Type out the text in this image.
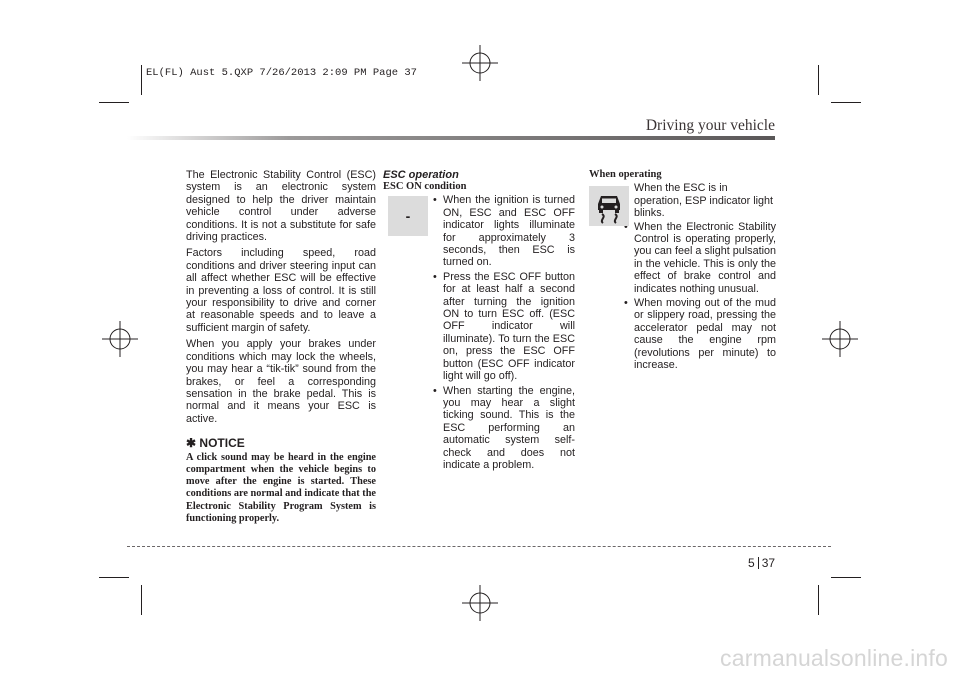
EL(FL) Aust 5.QXP 7/26/2013 2:09 PM Page 37
Driving your vehicle

The Electronic Stability Control (ESC) system is an electronic system designed to help the driver maintain vehicle control under adverse conditions. It is not a substitute for safe driving practices.

Factors including speed, road conditions and driver steering input can all affect whether ESC will be effective in preventing a loss of control. It is still your responsibility to drive and corner at reasonable speeds and to leave a sufficient margin of safety.

When you apply your brakes under conditions which may lock the wheels, you may hear a “tik-tik” sound from the brakes, or feel a corresponding sensation in the brake pedal. This is normal and it means your ESC is active.

✱ NOTICE
A click sound may be heard in the engine compartment when the vehicle begins to move after the engine is started. These conditions are normal and indicate that the Electronic Stability Program System is functioning properly.
ESC operation
ESC ON condition
• When the ignition is turned ON, ESC and ESC OFF indicator lights illuminate for approximately 3 seconds, then ESC is turned on.
• Press the ESC OFF button for at least half a second after turning the ignition ON to turn ESC off. (ESC OFF indicator will illuminate). To turn the ESC on, press the ESC OFF button (ESC OFF indicator light will go off).
• When starting the engine, you may hear a slight ticking sound. This is the ESC performing an automatic system self-check and does not indicate a problem.
-
When operating

When the ESC is in operation, ESP indicator light blinks.

• When the Electronic Stability Control is operating properly, you can feel a slight pulsation in the vehicle. This is only the effect of brake control and indicates nothing unusual.
• When moving out of the mud or slippery road, pressing the accelerator pedal may not cause the engine rpm (revolutions per minute) to increase.
5 37
carmanualsonline.info
